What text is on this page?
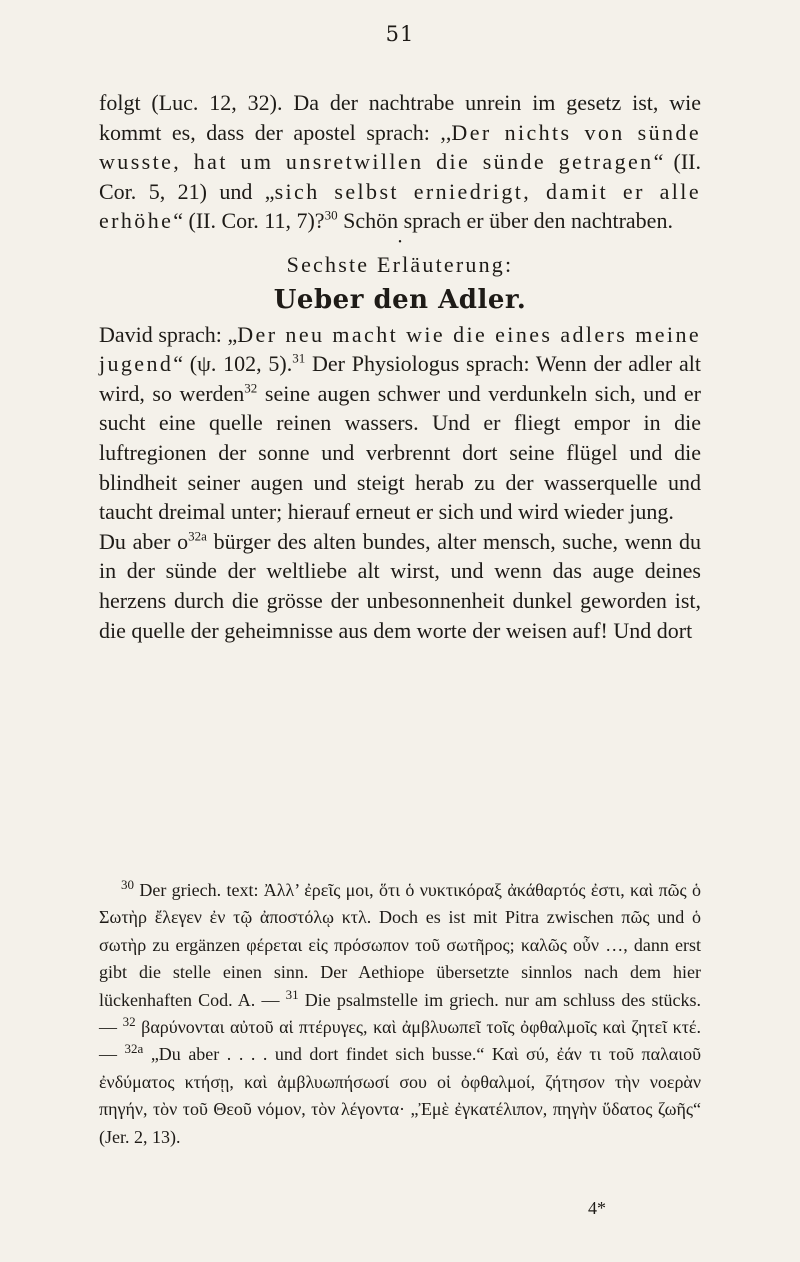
51

folgt (Luc. 12, 32). Da der nachtrabe unrein im gesetz ist, wie kommt es, dass der apostel sprach: ,,Der nichts von sünde wusste, hat um unsretwillen die sünde getragen“ (II. Cor. 5, 21) und „sich selbst erniedrigt, damit er alle erhöhe“ (II. Cor. 11, 7)?$^{30}$ Schön sprach er über den nachtraben.

•

Sechste Erläuterung:

Ueber den Adler.

David sprach: „Der neu macht wie die eines adlers meine jugend“ (ψ. 102, 5).$^{31}$ Der Physiologus sprach: Wenn der adler alt wird, so werden$^{32}$ seine augen schwer und verdunkeln sich, und er sucht eine quelle reinen wassers. Und er fliegt empor in die luftregionen der sonne und verbrennt dort seine flügel und die blindheit seiner augen und steigt herab zu der wasserquelle und taucht dreimal unter; hierauf erneut er sich und wird wieder jung.

Du aber $o^{32a}$ bürger des alten bundes, alter mensch, suche, wenn du in der sünde der weltliebe alt wirst, und wenn das auge deines herzens durch die grösse der unbesonnenheit dunkel geworden ist, die quelle der geheimnisse aus dem worte der weisen auf! Und dort

$^{30}$ Der griech. text: Ἀλλ’ ἐρεῖς μοι, ὅτι ὁ νυκτικόραξ ἀκάθαρτός ἐστι, καὶ πῶς ὁ Σωτὴρ ἔλεγεν ἐν τῷ ἀποστόλῳ κτλ. Doch es ist mit Pitra zwischen πῶς und ὁ σωτὴρ zu ergänzen φέρεται εἰς πρόσωπον τοῦ σωτῆρος; καλῶς οὖν …, dann erst gibt die stelle einen sinn. Der Aethiope übersetzte sinnlos nach dem hier lückenhaften Cod. A. — $^{31}$ Die psalmstelle im griech. nur am schluss des stücks. — $^{32}$ βαρύνονται αὐτοῦ αἱ πτέρυγες, καὶ ἀμβλυωπεῖ τοῖς ὀφθαλμοῖς καὶ ζητεῖ κτέ. — $^{32a}$ „Du aber . . . . und dort findet sich busse.“ Καὶ σύ, ἐάν τι τοῦ παλαιοῦ ἐνδύματος κτήσῃ, καὶ ἀμβλυωπήσωσί σου οἱ ὀφθαλμοί, ζήτησον τὴν νοερὰν πηγήν, τὸν τοῦ Θεοῦ νόμον, τὸν λέγοντα· „Ἐμὲ ἐγκατέλιπον, πηγὴν ὕδατος ζωῆς“ (Jer. 2, 13).

4*
